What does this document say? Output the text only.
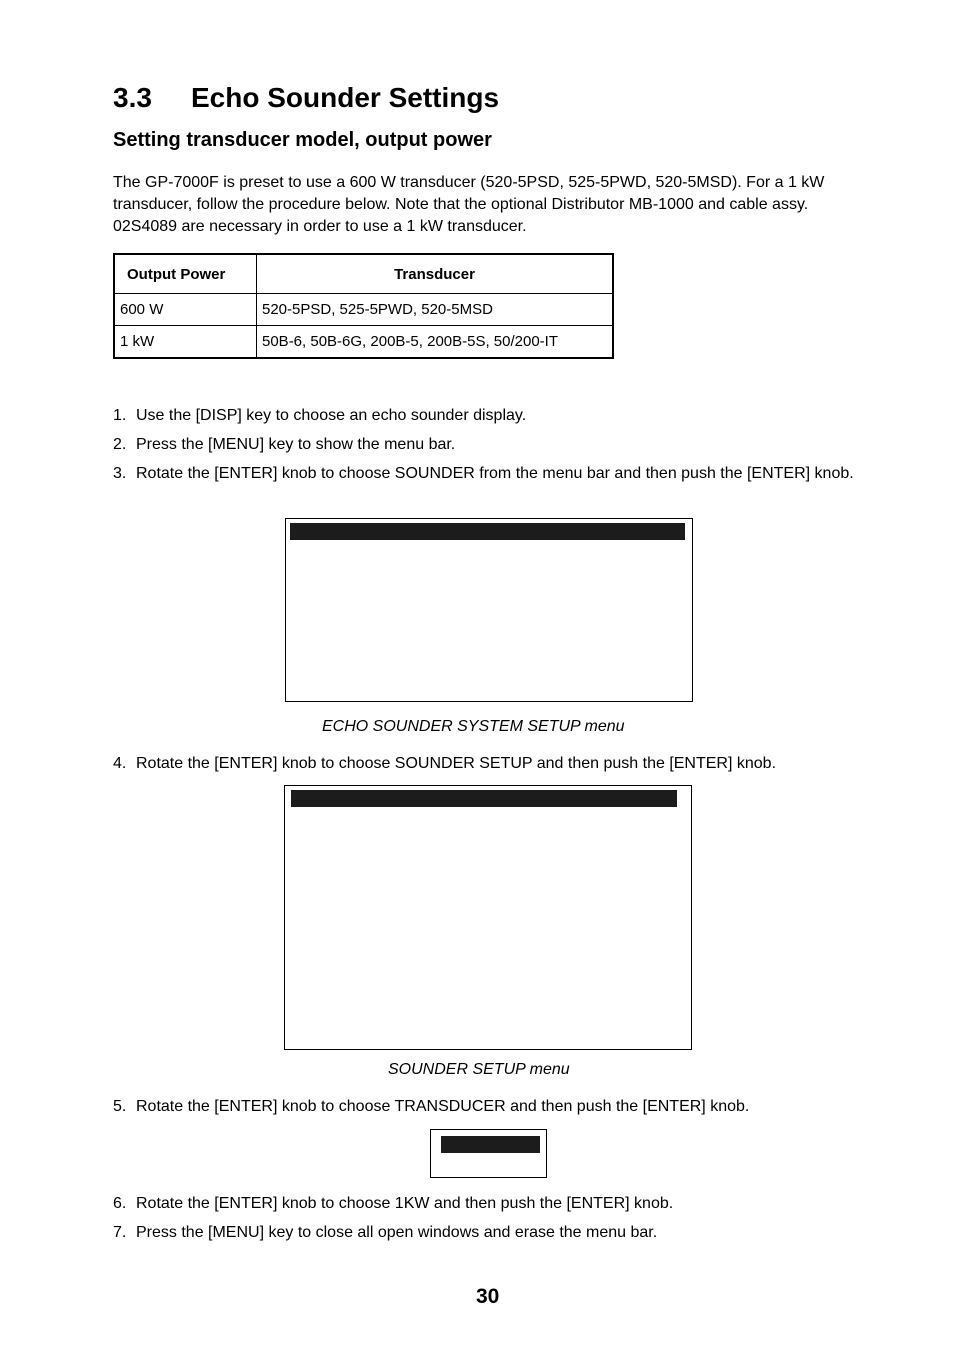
3.3 Echo Sounder Settings
Setting transducer model, output power
The GP-7000F is preset to use a 600 W transducer (520-5PSD, 525-5PWD, 520-5MSD). For a 1 kW transducer, follow the procedure below. Note that the optional Distributor MB-1000 and cable assy. 02S4089 are necessary in order to use a 1 kW transducer.
Output Power	Transducer
600 W	520-5PSD, 525-5PWD, 520-5MSD
1 kW	50B-6, 50B-6G, 200B-5, 200B-5S, 50/200-IT
1. Use the [DISP] key to choose an echo sounder display.
2. Press the [MENU] key to show the menu bar.
3. Rotate the [ENTER] knob to choose SOUNDER from the menu bar and then push the [ENTER] knob.
ECHO SOUNDER SYSTEM SETUP menu
4. Rotate the [ENTER] knob to choose SOUNDER SETUP and then push the [ENTER] knob.
SOUNDER SETUP menu
5. Rotate the [ENTER] knob to choose TRANSDUCER and then push the [ENTER] knob.
6. Rotate the [ENTER] knob to choose 1KW and then push the [ENTER] knob.
7. Press the [MENU] key to close all open windows and erase the menu bar.
30
